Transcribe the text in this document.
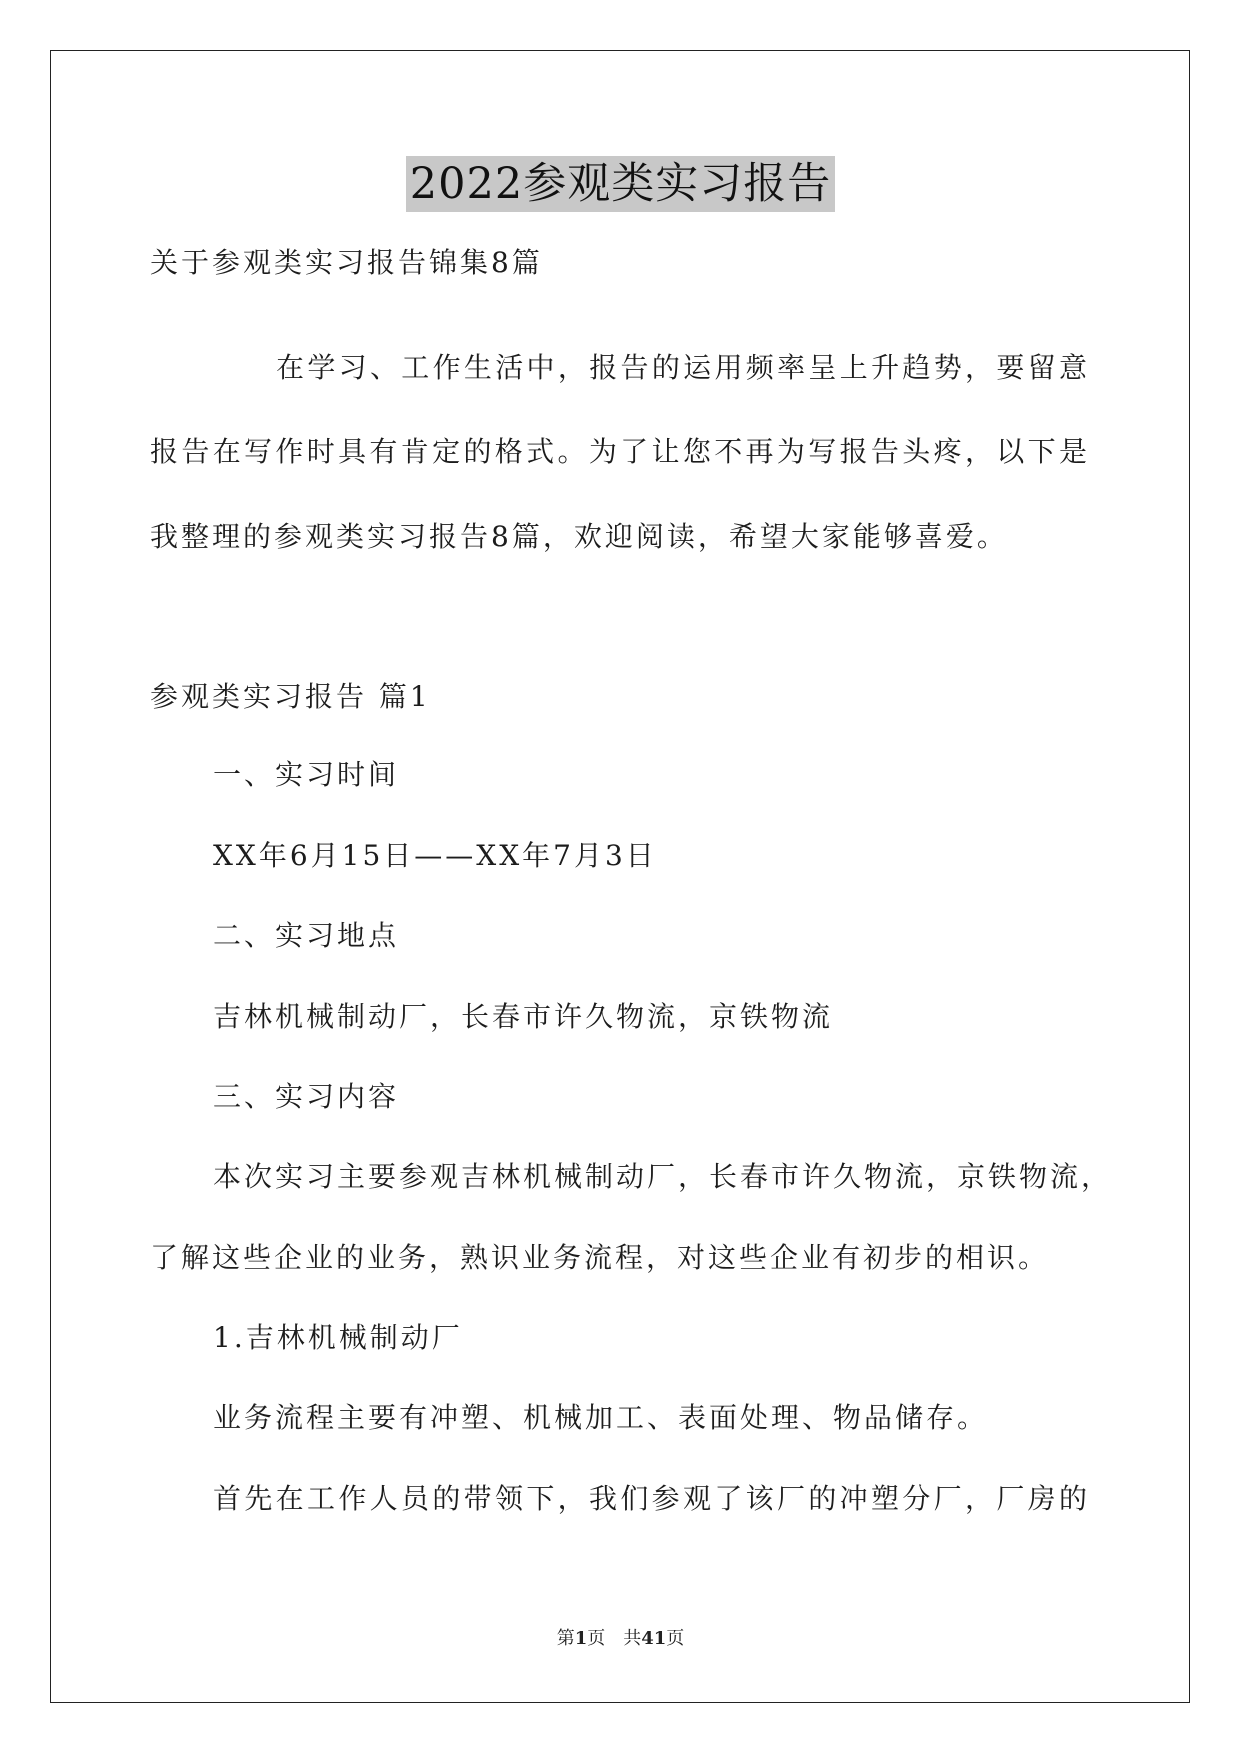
2022参观类实习报告
关于参观类实习报告锦集8篇
在学习、工作生活中，报告的运用频率呈上升趋势，要留意
报告在写作时具有肯定的格式。为了让您不再为写报告头疼，以下是
我整理的参观类实习报告8篇，欢迎阅读，希望大家能够喜爱。
参观类实习报告 篇1
一、实习时间
XX年6月15日——XX年7月3日
二、实习地点
吉林机械制动厂，长春市许久物流，京铁物流
三、实习内容
本次实习主要参观吉林机械制动厂，长春市许久物流，京铁物流，
了解这些企业的业务，熟识业务流程，对这些企业有初步的相识。
1.吉林机械制动厂
业务流程主要有冲塑、机械加工、表面处理、物品储存。
首先在工作人员的带领下，我们参观了该厂的冲塑分厂，厂房的
第1页　共41页
